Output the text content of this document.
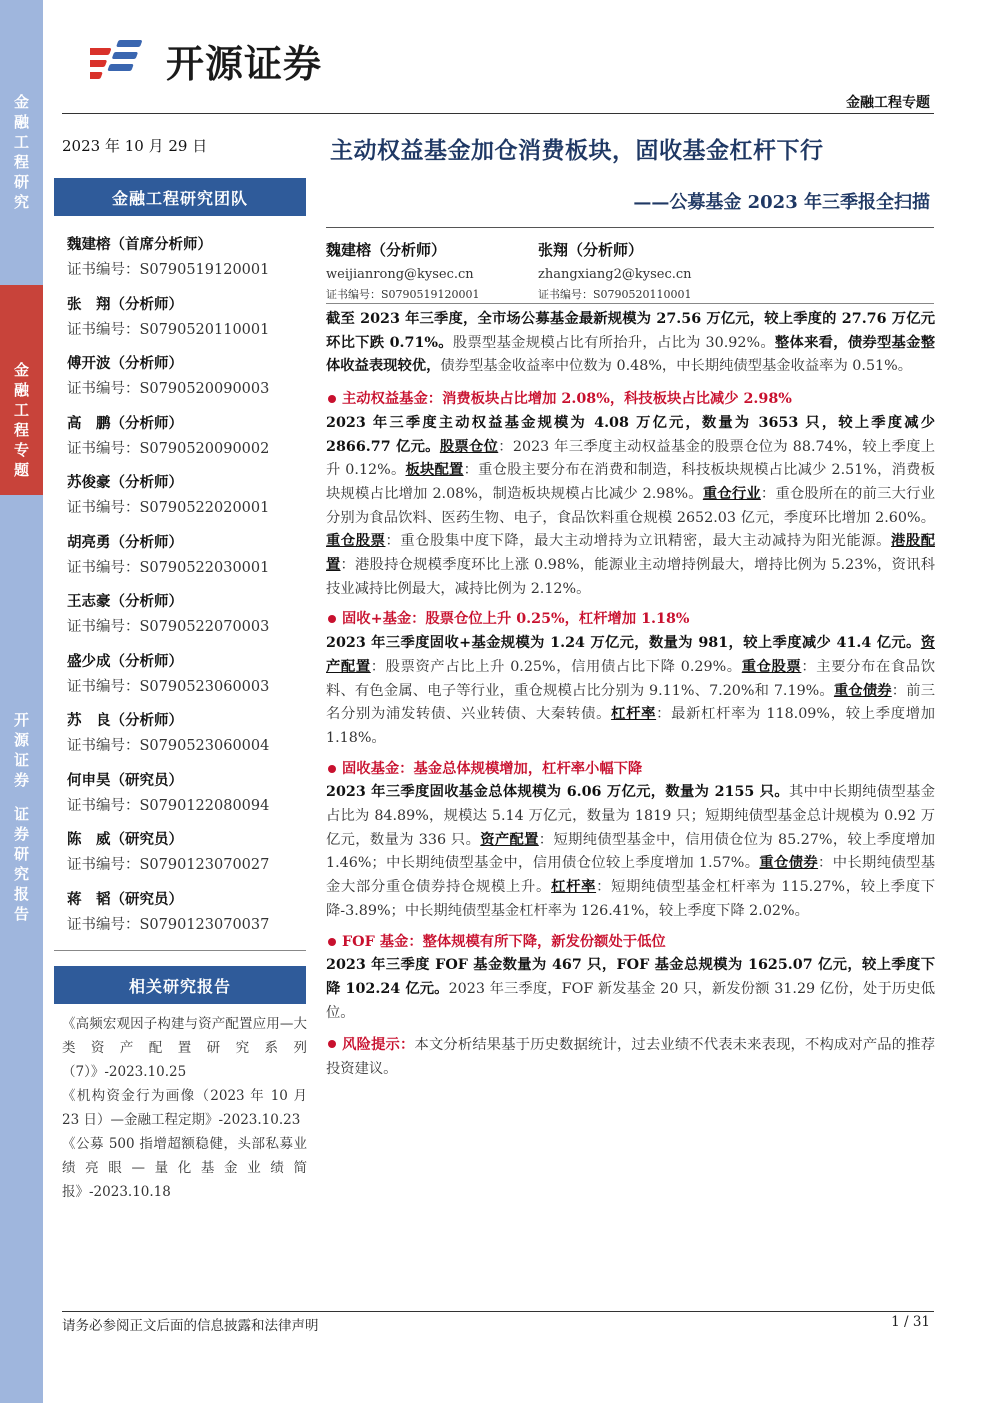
金
融
工
程
研
究
金
融
工
程
专
题
开
源
证
券

证
券
研
究
报
告
开源证券
金融工程专题
2023 年 10 月 29 日
金融工程研究团队
魏建榕（首席分析师）
证书编号：S0790519120001
张　翔（分析师）
证书编号：S0790520110001
傅开波（分析师）
证书编号：S0790520090003
高　鹏（分析师）
证书编号：S0790520090002
苏俊豪（分析师）
证书编号：S0790522020001
胡亮勇（分析师）
证书编号：S0790522030001
王志豪（分析师）
证书编号：S0790522070003
盛少成（分析师）
证书编号：S0790523060003
苏　良（分析师）
证书编号：S0790523060004
何申昊（研究员）
证书编号：S0790122080094
陈　威（研究员）
证书编号：S0790123070027
蒋　韬（研究员）
证书编号：S0790123070037
相关研究报告

《高频宏观因子构建与资产配置应用—大类资产配置研究系列（7）》-2023.10.25

《机构资金行为画像（2023 年 10 月 23 日）—金融工程定期》-2023.10.23

《公募 500 指增超额稳健，头部私募业绩亮眼—量化基金业绩简报》-2023.10.18

主动权益基金加仓消费板块，固收基金杠杆下行
——公募基金 2023 年三季报全扫描
魏建榕（分析师）
weijianrong@kysec.cn
证书编号：S0790519120001
张翔（分析师）
zhangxiang2@kysec.cn
证书编号：S0790520110001
截至 2023 年三季度，全市场公募基金最新规模为 27.56 万亿元，较上季度的 27.76 万亿元环比下跌 0.71%。股票型基金规模占比有所抬升，占比为 30.92%。整体来看，债券型基金整体收益表现较优，债券型基金收益率中位数为 0.48%，中长期纯债型基金收益率为 0.51%。
主动权益基金：消费板块占比增加 2.08%，科技板块占比减少 2.98%
2023 年三季度主动权益基金规模为 4.08 万亿元，数量为 3653 只，较上季度减少 2866.77 亿元。股票仓位：2023 年三季度主动权益基金的股票仓位为 88.74%，较上季度上升 0.12%。板块配置：重仓股主要分布在消费和制造，科技板块规模占比减少 2.51%，消费板块规模占比增加 2.08%，制造板块规模占比减少 2.98%。重仓行业：重仓股所在的前三大行业分别为食品饮料、医药生物、电子，食品饮料重仓规模 2652.03 亿元，季度环比增加 2.60%。重仓股票：重仓股集中度下降，最大主动增持为立讯精密，最大主动减持为阳光能源。港股配置：港股持仓规模季度环比上涨 0.98%，能源业主动增持例最大，增持比例为 5.23%，资讯科技业减持比例最大，减持比例为 2.12%。
固收+基金：股票仓位上升 0.25%，杠杆增加 1.18%
2023 年三季度固收+基金规模为 1.24 万亿元，数量为 981，较上季度减少 41.4 亿元。资产配置：股票资产占比上升 0.25%，信用债占比下降 0.29%。重仓股票：主要分布在食品饮料、有色金属、电子等行业，重仓规模占比分别为 9.11%、7.20%和 7.19%。重仓债券：前三名分别为浦发转债、兴业转债、大秦转债。杠杆率：最新杠杆率为 118.09%，较上季度增加 1.18%。
固收基金：基金总体规模增加，杠杆率小幅下降
2023 年三季度固收基金总体规模为 6.06 万亿元，数量为 2155 只。其中中长期纯债型基金占比为 84.89%，规模达 5.14 万亿元，数量为 1819 只；短期纯债型基金总计规模为 0.92 万亿元，数量为 336 只。资产配置：短期纯债型基金中，信用债仓位为 85.27%，较上季度增加 1.46%；中长期纯债型基金中，信用债仓位较上季度增加 1.57%。重仓债券：中长期纯债型基金大部分重仓债券持仓规模上升。杠杆率：短期纯债型基金杠杆率为 115.27%，较上季度下降-3.89%；中长期纯债型基金杠杆率为 126.41%，较上季度下降 2.02%。
FOF 基金：整体规模有所下降，新发份额处于低位
2023 年三季度 FOF 基金数量为 467 只，FOF 基金总规模为 1625.07 亿元，较上季度下降 102.24 亿元。2023 年三季度，FOF 新发基金 20 只，新发份额 31.29 亿份，处于历史低位。
风险提示：本文分析结果基于历史数据统计，过去业绩不代表未来表现，不构成对产品的推荐投资建议。
请务必参阅正文后面的信息披露和法律声明	1 / 31
